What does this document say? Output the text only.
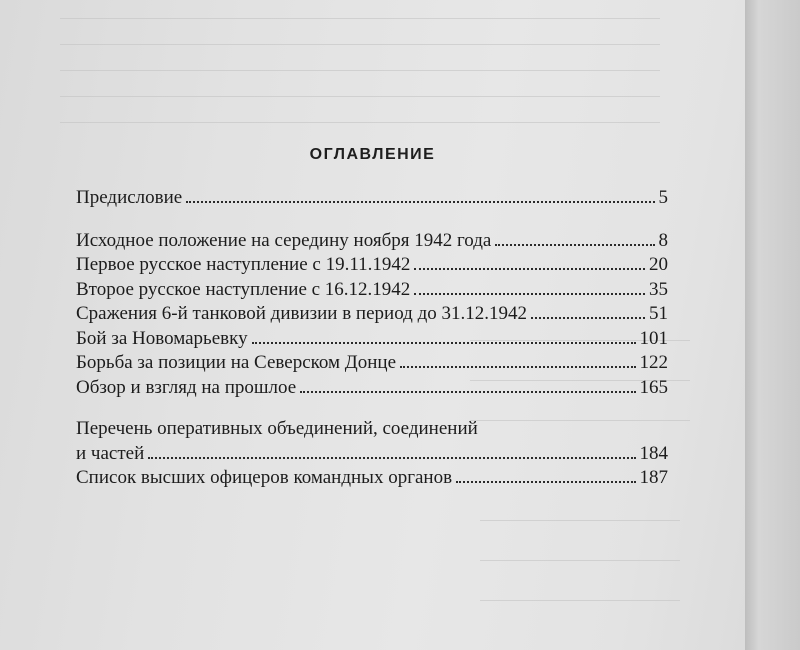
ОГЛАВЛЕНИЕ
Предисловие	5
Исходное положение на середину ноября 1942 года	8
Первое русское наступление с 19.11.1942	20
Второе русское наступление с 16.12.1942	35
Сражения 6-й танковой дивизии в период до 31.12.1942	51
Бой за Новомарьевку	101
Борьба за позиции на Северском Донце	122
Обзор и взгляд на прошлое	165
Перечень оперативных объединений, соединений
и частей	184
Список высших офицеров командных органов	187
